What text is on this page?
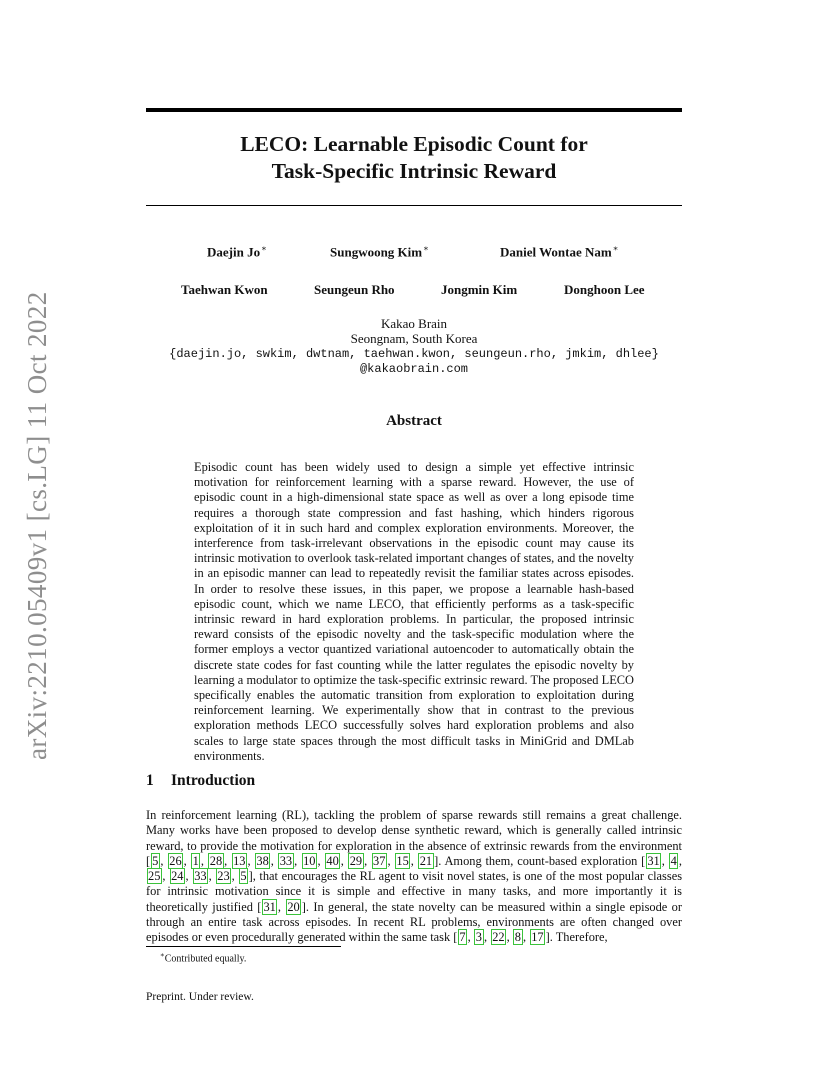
arXiv:2210.05409v1 [cs.LG] 11 Oct 2022
LECO: Learnable Episodic Count for
Task-Specific Intrinsic Reward
Daejin Jo∗	Sungwoong Kim∗	Daniel Wontae Nam∗
Taehwan Kwon	Seungeun Rho	Jongmin Kim	Donghoon Lee
Kakao Brain
Seongnam, South Korea
{daejin.jo, swkim, dwtnam, taehwan.kwon, seungeun.rho, jmkim, dhlee}
@kakaobrain.com
Abstract
Episodic count has been widely used to design a simple yet effective intrinsic motivation for reinforcement learning with a sparse reward. However, the use of episodic count in a high-dimensional state space as well as over a long episode time requires a thorough state compression and fast hashing, which hinders rigorous exploitation of it in such hard and complex exploration environments. Moreover, the interference from task-irrelevant observations in the episodic count may cause its intrinsic motivation to overlook task-related important changes of states, and the novelty in an episodic manner can lead to repeatedly revisit the familiar states across episodes. In order to resolve these issues, in this paper, we propose a learnable hash-based episodic count, which we name LECO, that efficiently performs as a task-specific intrinsic reward in hard exploration problems. In particular, the proposed intrinsic reward consists of the episodic novelty and the task-specific modulation where the former employs a vector quantized variational autoencoder to automatically obtain the discrete state codes for fast counting while the latter regulates the episodic novelty by learning a modulator to optimize the task-specific extrinsic reward. The proposed LECO specifically enables the automatic transition from exploration to exploitation during reinforcement learning. We experimentally show that in contrast to the previous exploration methods LECO successfully solves hard exploration problems and also scales to large state spaces through the most difficult tasks in MiniGrid and DMLab environments.
1 Introduction
In reinforcement learning (RL), tackling the problem of sparse rewards still remains a great challenge. Many works have been proposed to develop dense synthetic reward, which is generally called intrinsic reward, to provide the motivation for exploration in the absence of extrinsic rewards from the environment [ 5 , 26 , 1 , 28 , 13 , 38 , 33 , 10 , 40 , 29 , 37 , 15 , 21 ]. Among them, count-based exploration [ 31 , 4 , 25 , 24 , 33 , 23 , 5 ], that encourages the RL agent to visit novel states, is one of the most popular classes for intrinsic motivation since it is simple and effective in many tasks, and more importantly it is theoretically justified [ 31 , 20 ]. In general, the state novelty can be measured within a single episode or through an entire task across episodes. In recent RL problems, environments are often changed over episodes or even procedurally generated within the same task [ 7 , 3 , 22 , 8 , 17 ]. Therefore,
∗Contributed equally.
Preprint. Under review.
